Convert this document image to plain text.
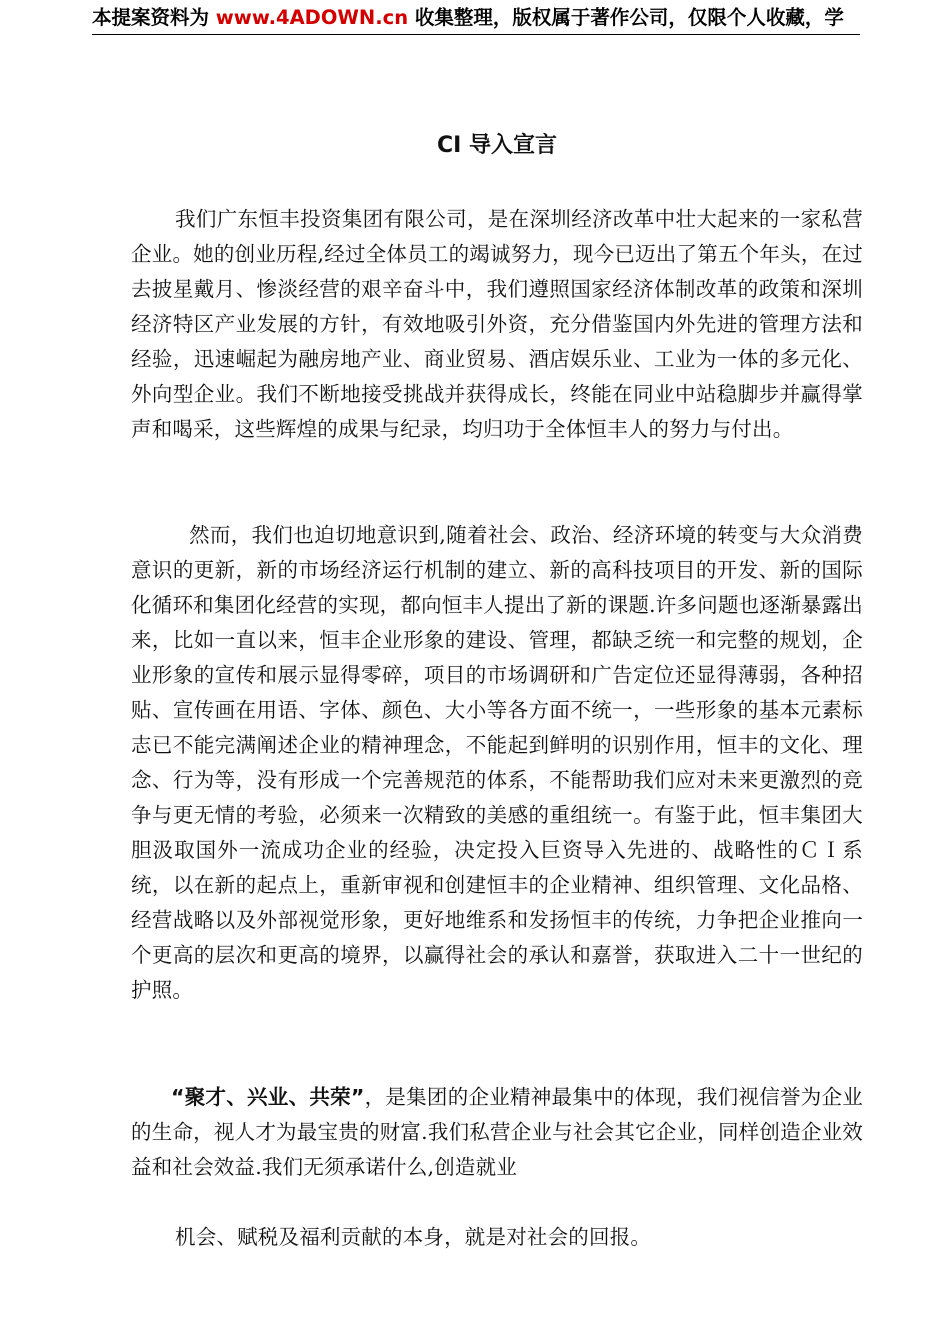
本提案资料为 www.4ADOWN.cn 收集整理，版权属于著作公司，仅限个人收藏，学
CI 导入宣言

我们广东恒丰投资集团有限公司，是在深圳经济改革中壮大起来的一家私营企业。她的创业历程,经过全体员工的竭诚努力，现今已迈出了第五个年头，在过去披星戴月、惨淡经营的艰辛奋斗中，我们遵照国家经济体制改革的政策和深圳经济特区产业发展的方针，有效地吸引外资，充分借鉴国内外先进的管理方法和经验，迅速崛起为融房地产业、商业贸易、酒店娱乐业、工业为一体的多元化、外向型企业。我们不断地接受挑战并获得成长，终能在同业中站稳脚步并赢得掌声和喝采，这些辉煌的成果与纪录，均归功于全体恒丰人的努力与付出。

然而，我们也迫切地意识到,随着社会、政治、经济环境的转变与大众消费意识的更新，新的市场经济运行机制的建立、新的高科技项目的开发、新的国际化循环和集团化经营的实现，都向恒丰人提出了新的课题.许多问题也逐渐暴露出来，比如一直以来，恒丰企业形象的建设、管理，都缺乏统一和完整的规划，企业形象的宣传和展示显得零碎，项目的市场调研和广告定位还显得薄弱，各种招贴、宣传画在用语、字体、颜色、大小等各方面不统一，一些形象的基本元素标志已不能完满阐述企业的精神理念，不能起到鲜明的识别作用，恒丰的文化、理念、行为等，没有形成一个完善规范的体系，不能帮助我们应对未来更激烈的竞争与更无情的考验，必须来一次精致的美感的重组统一。有鉴于此，恒丰集团大胆汲取国外一流成功企业的经验，决定投入巨资导入先进的、战略性的ＣＩ系统，以在新的起点上，重新审视和创建恒丰的企业精神、组织管理、文化品格、经营战略以及外部视觉形象，更好地维系和发扬恒丰的传统，力争把企业推向一个更高的层次和更高的境界，以赢得社会的承认和嘉誉，获取进入二十一世纪的护照。

“聚才、兴业、共荣”，是集团的企业精神最集中的体现，我们视信誉为企业的生命，视人才为最宝贵的财富.我们私营企业与社会其它企业，同样创造企业效益和社会效益.我们无须承诺什么,创造就业

机会、赋税及福利贡献的本身，就是对社会的回报。
